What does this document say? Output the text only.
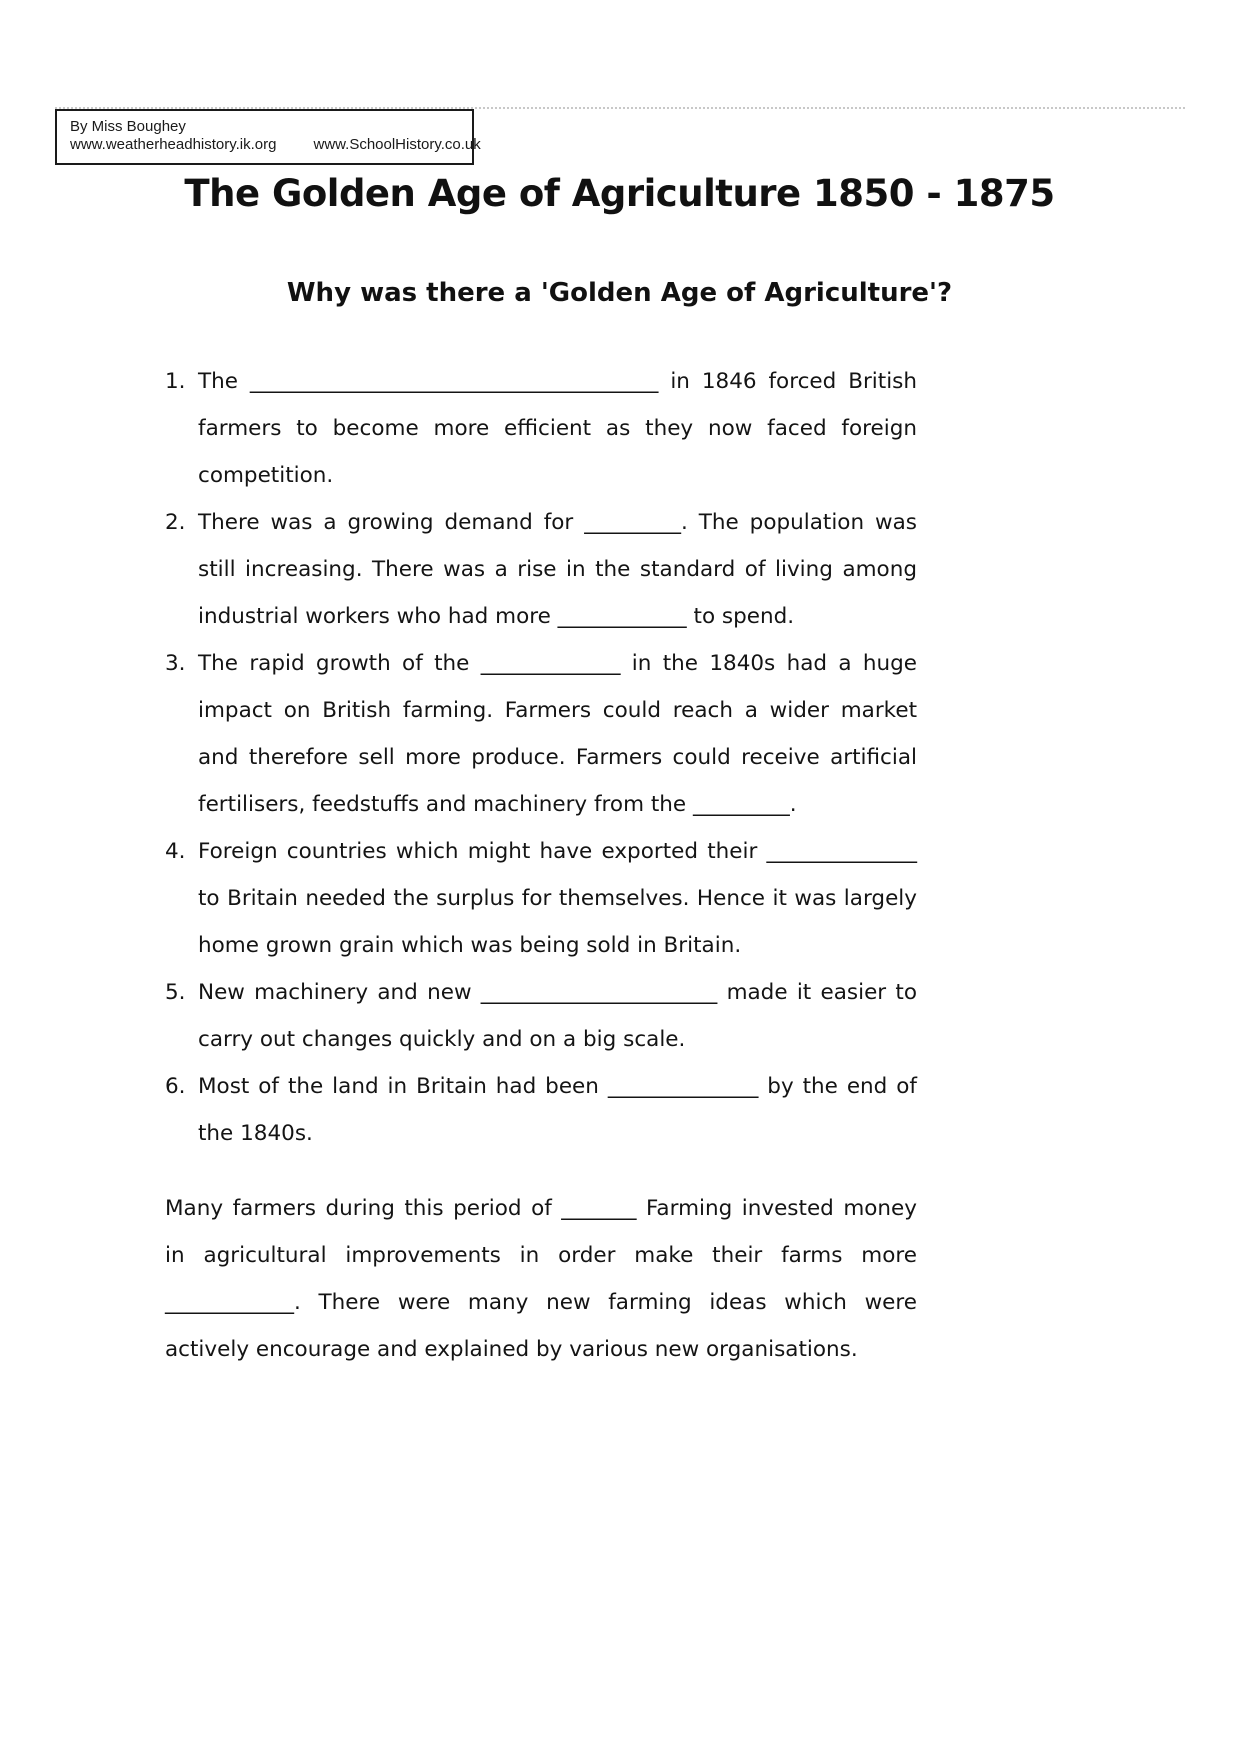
By Miss Boughey
www.weatherheadhistory.ik.org www.SchoolHistory.co.uk
The Golden Age of Agriculture 1850 - 1875
Why was there a 'Golden Age of Agriculture'?
1. The ______________________________________ in 1846 forced British farmers to become more efficient as they now faced foreign competition.
2. There was a growing demand for _________. The population was still increasing. There was a rise in the standard of living among industrial workers who had more ____________ to spend.
3. The rapid growth of the _____________ in the 1840s had a huge impact on British farming. Farmers could reach a wider market and therefore sell more produce. Farmers could receive artificial fertilisers, feedstuffs and machinery from the _________.
4. Foreign countries which might have exported their ______________ to Britain needed the surplus for themselves. Hence it was largely home grown grain which was being sold in Britain.
5. New machinery and new ______________________ made it easier to carry out changes quickly and on a big scale.
6. Most of the land in Britain had been ______________ by the end of the 1840s.
Many farmers during this period of _______ Farming invested money in agricultural improvements in order make their farms more ____________. There were many new farming ideas which were actively encourage and explained by various new organisations.
